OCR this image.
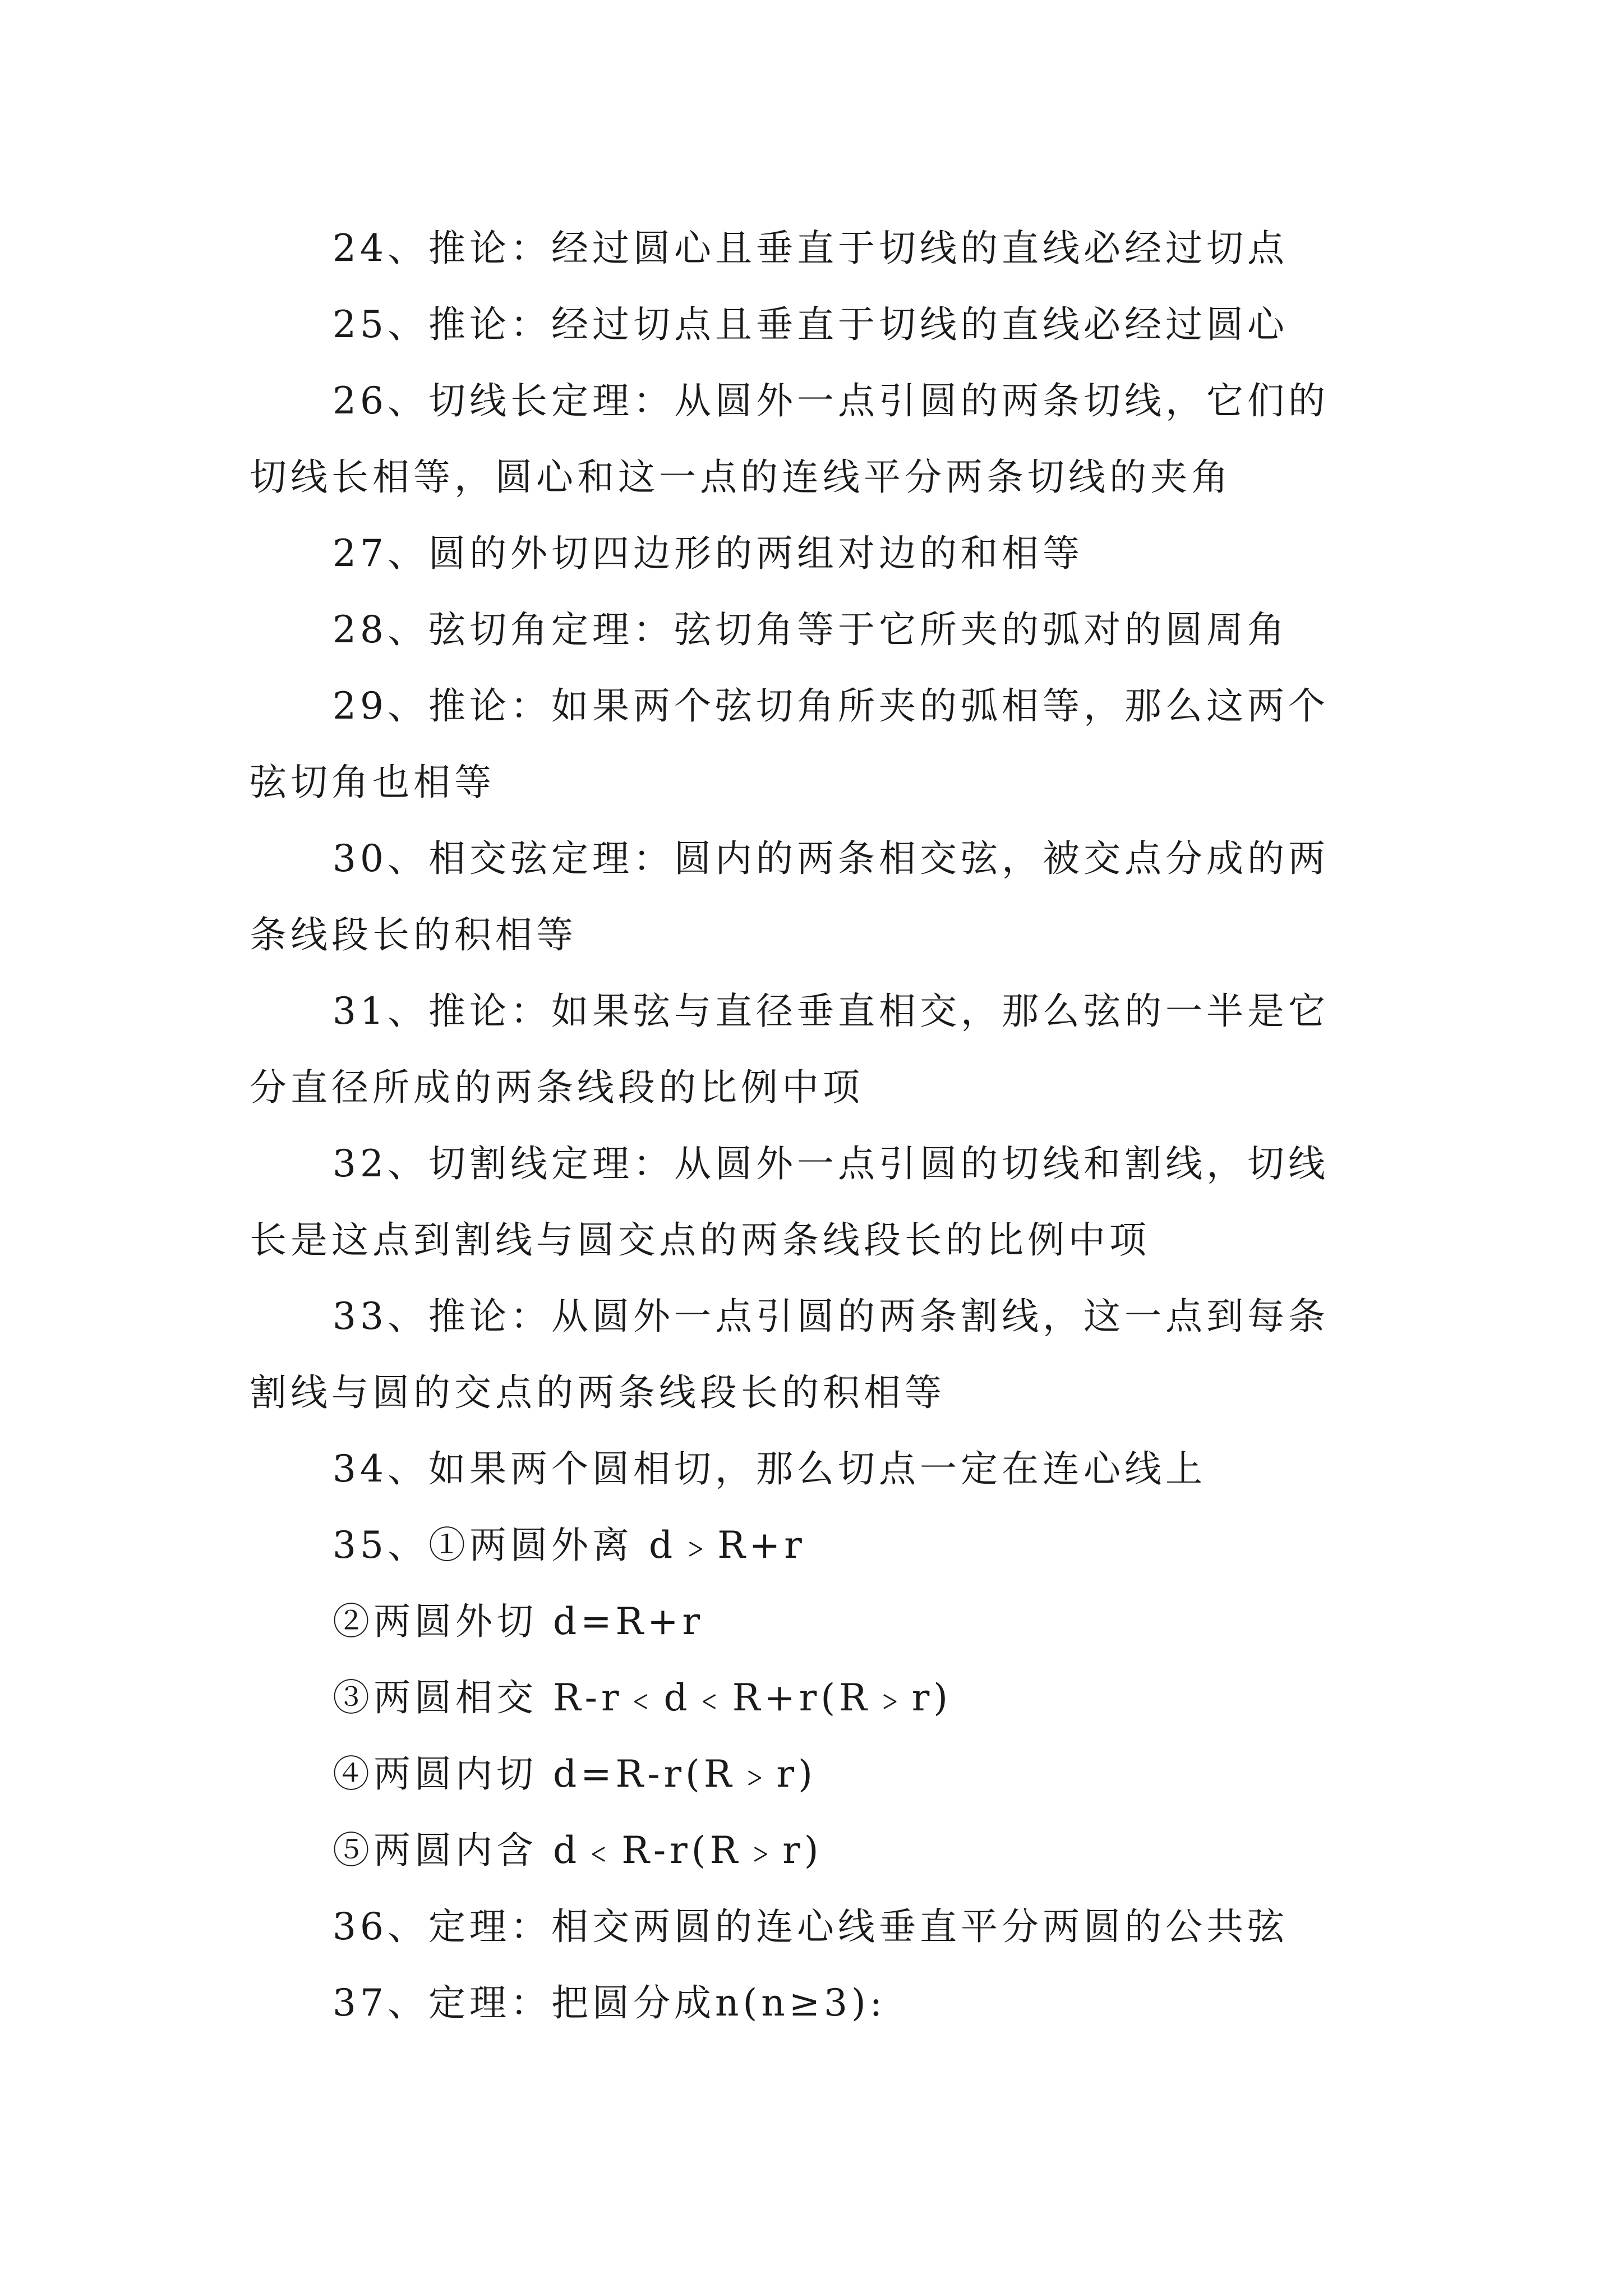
24、推论：经过圆心且垂直于切线的直线必经过切点
25、推论：经过切点且垂直于切线的直线必经过圆心
26、切线长定理：从圆外一点引圆的两条切线，它们的
切线长相等，圆心和这一点的连线平分两条切线的夹角
27、圆的外切四边形的两组对边的和相等
28、弦切角定理：弦切角等于它所夹的弧对的圆周角
29、推论：如果两个弦切角所夹的弧相等，那么这两个
弦切角也相等
30、相交弦定理：圆内的两条相交弦，被交点分成的两
条线段长的积相等
31、推论：如果弦与直径垂直相交，那么弦的一半是它
分直径所成的两条线段的比例中项
32、切割线定理：从圆外一点引圆的切线和割线，切线
长是这点到割线与圆交点的两条线段长的比例中项
33、推论：从圆外一点引圆的两条割线，这一点到每条
割线与圆的交点的两条线段长的积相等
34、如果两个圆相切，那么切点一定在连心线上
35、①两圆外离 d﹥R+r
②两圆外切 d=R+r
③两圆相交 R-r﹤d﹤R+r(R﹥r)
④两圆内切 d=R-r(R﹥r)
⑤两圆内含 d﹤R-r(R﹥r)
36、定理：相交两圆的连心线垂直平分两圆的公共弦
37、定理：把圆分成n(n≥3):
